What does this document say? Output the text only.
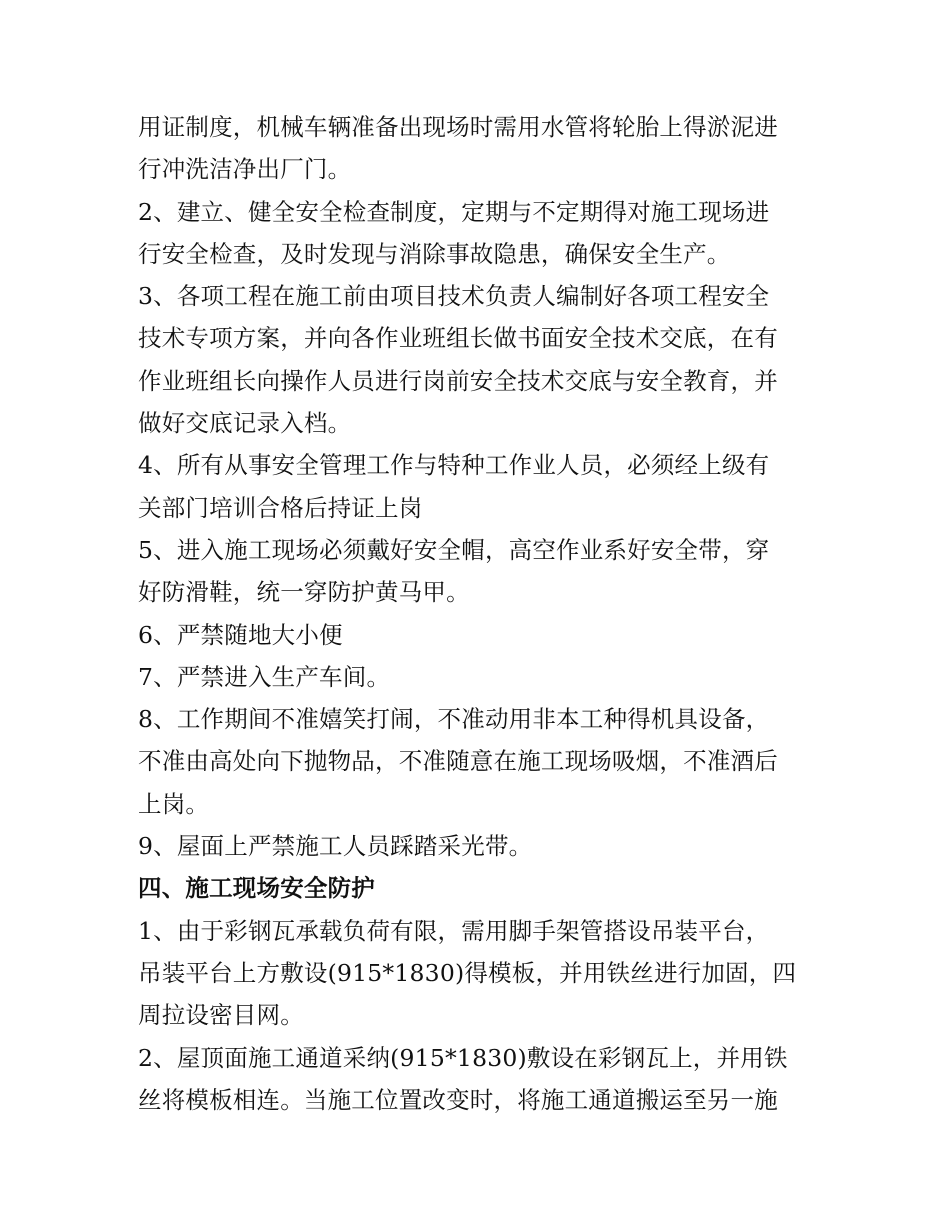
用证制度，机械车辆准备出现场时需用水管将轮胎上得淤泥进
行冲洗洁净出厂门。
2、建立、健全安全检查制度，定期与不定期得对施工现场进
行安全检查，及时发现与消除事故隐患，确保安全生产。
3、各项工程在施工前由项目技术负责人编制好各项工程安全
技术专项方案，并向各作业班组长做书面安全技术交底，在有
作业班组长向操作人员进行岗前安全技术交底与安全教育，并
做好交底记录入档。
4、所有从事安全管理工作与特种工作业人员，必须经上级有
关部门培训合格后持证上岗
5、进入施工现场必须戴好安全帽，高空作业系好安全带，穿
好防滑鞋，统一穿防护黄马甲。
6、严禁随地大小便
7、严禁进入生产车间。
8、工作期间不准嬉笑打闹，不准动用非本工种得机具设备，
不准由高处向下抛物品，不准随意在施工现场吸烟，不准酒后
上岗。
9、屋面上严禁施工人员踩踏采光带。
四、施工现场安全防护
1、由于彩钢瓦承载负荷有限，需用脚手架管搭设吊装平台，
吊装平台上方敷设(915*1830)得模板，并用铁丝进行加固，四
周拉设密目网。
2、屋顶面施工通道采纳(915*1830)敷设在彩钢瓦上，并用铁
丝将模板相连。当施工位置改变时，将施工通道搬运至另一施
